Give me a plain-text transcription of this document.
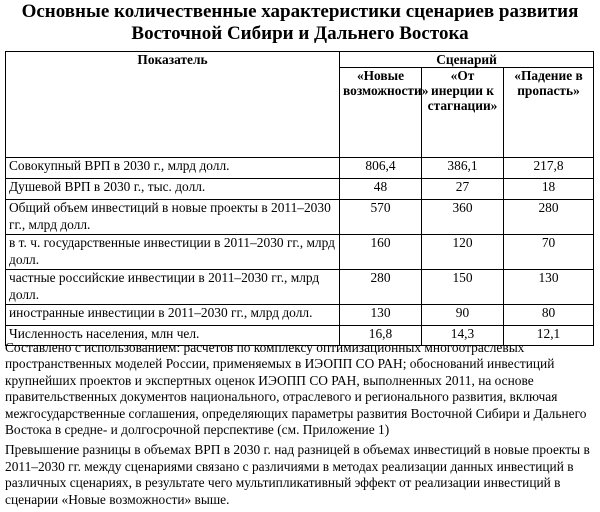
Основные количественные характеристики сценариев развития
Восточной Сибири и Дальнего Востока
Показатель	Сценарий		
	«Новые возможности»	«От инерции к стагнации»	«Падение в пропасть»
Совокупный ВРП в 2030 г., млрд долл.	806,4	386,1	217,8
Душевой ВРП в 2030 г., тыс. долл.	48	27	18
Общий объем инвестиций в новые проекты в 2011–2030 гг., млрд долл.	570	360	280
в т. ч. государственные инвестиции в 2011–2030 гг., млрд долл.	160	120	70
частные российские инвестиции в 2011–2030 гг., млрд долл.	280	150	130
иностранные инвестиции в 2011–2030 гг., млрд долл.	130	90	80
Численность населения, млн чел.	16,8	14,3	12,1

Составлено с использованием: расчетов по комплексу оптимизационных многоотраслевых пространственных моделей России, применяемых в ИЭОПП СО РАН; обоснований инвестиций крупнейших проектов и экспертных оценок ИЭОПП СО РАН, выполненных 2011, на основе правительственных документов национального, отраслевого и регионального развития, включая межгосударственные соглашения, определяющих параметры развития Восточной Сибири и Дальнего Востока в средне- и долгосрочной перспективе (см. Приложение 1)

Превышение разницы в объемах ВРП в 2030 г. над разницей в объемах инвестиций в новые проекты в 2011–2030 гг. между сценариями связано с различиями в методах реализации данных инвестиций в различных сценариях, в результате чего мультипликативный эффект от реализации инвестиций в сценарии «Новые возможности» выше.
